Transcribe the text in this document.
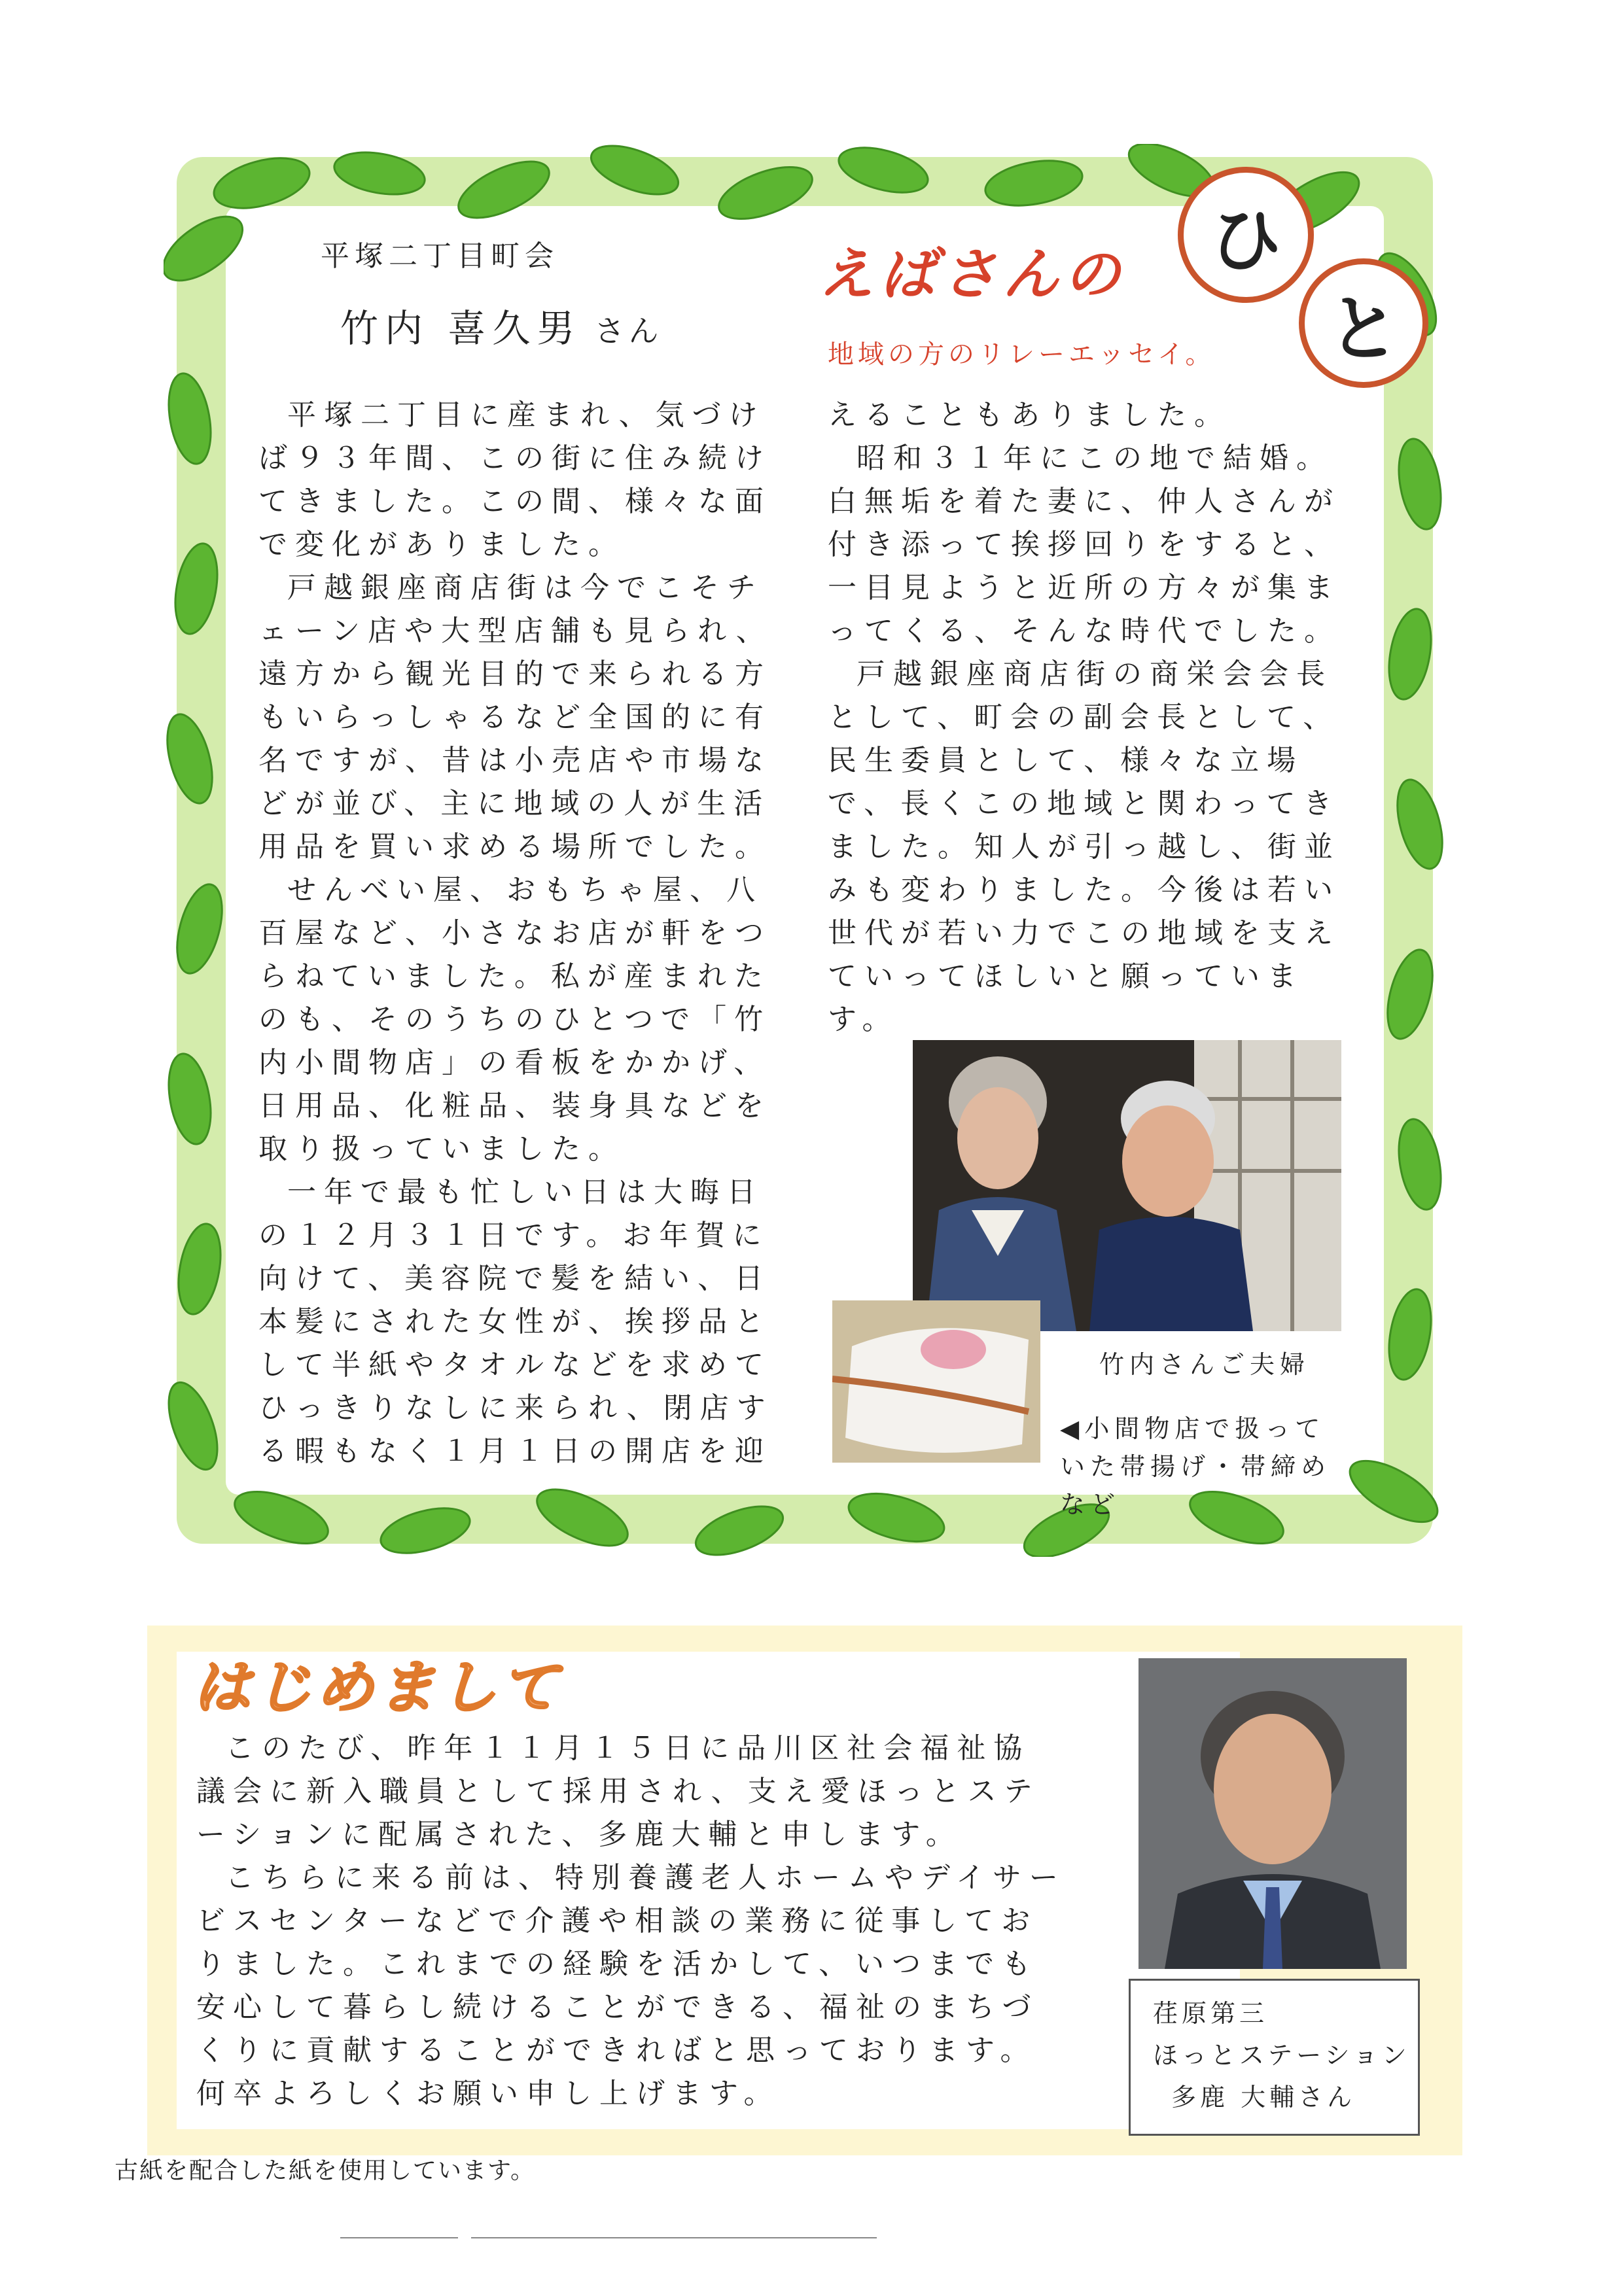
平塚二丁目町会
竹内 喜久男 さん
えばさんの	ひ
と
地域の方のリレーエッセイ。

平塚二丁目に産まれ、気づけば９３年間、この街に住み続けてきました。この間、様々な面で変化がありました。

戸越銀座商店街は今でこそチェーン店や大型店舗も見られ、遠方から観光目的で来られる方もいらっしゃるなど全国的に有名ですが、昔は小売店や市場などが並び、主に地域の人が生活用品を買い求める場所でした。

せんべい屋、おもちゃ屋、八百屋など、小さなお店が軒をつらねていました。私が産まれたのも、そのうちのひとつで「竹内小間物店」の看板をかかげ、日用品、化粧品、装身具などを取り扱っていました。

一年で最も忙しい日は大晦日の１２月３１日です。お年賀に向けて、美容院で髪を結い、日本髪にされた女性が、挨拶品として半紙やタオルなどを求めてひっきりなしに来られ、閉店する暇もなく１月１日の開店を迎

えることもありました。

昭和３１年にこの地で結婚。白無垢を着た妻に、仲人さんが付き添って挨拶回りをすると、一目見ようと近所の方々が集まってくる、そんな時代でした。

戸越銀座商店街の商栄会会長として、町会の副会長として、民生委員として、様々な立場で、長くこの地域と関わってきました。知人が引っ越し、街並みも変わりました。今後は若い世代が若い力でこの地域を支えていってほしいと願っています。

竹内さんご夫婦
◀小間物店で扱っていた帯揚げ・帯締めなど
はじめまして

このたび、昨年１１月１５日に品川区社会福祉協議会に新入職員として採用され、支え愛ほっとステーションに配属された、多鹿大輔と申します。

こちらに来る前は、特別養護老人ホームやデイサービスセンターなどで介護や相談の業務に従事しておりました。これまでの経験を活かして、いつまでも安心して暮らし続けることができる、福祉のまちづくりに貢献することができればと思っております。何卒よろしくお願い申し上げます。

荏原第三
ほっとステーション
多鹿 大輔さん
古紙を配合した紙を使用しています。
